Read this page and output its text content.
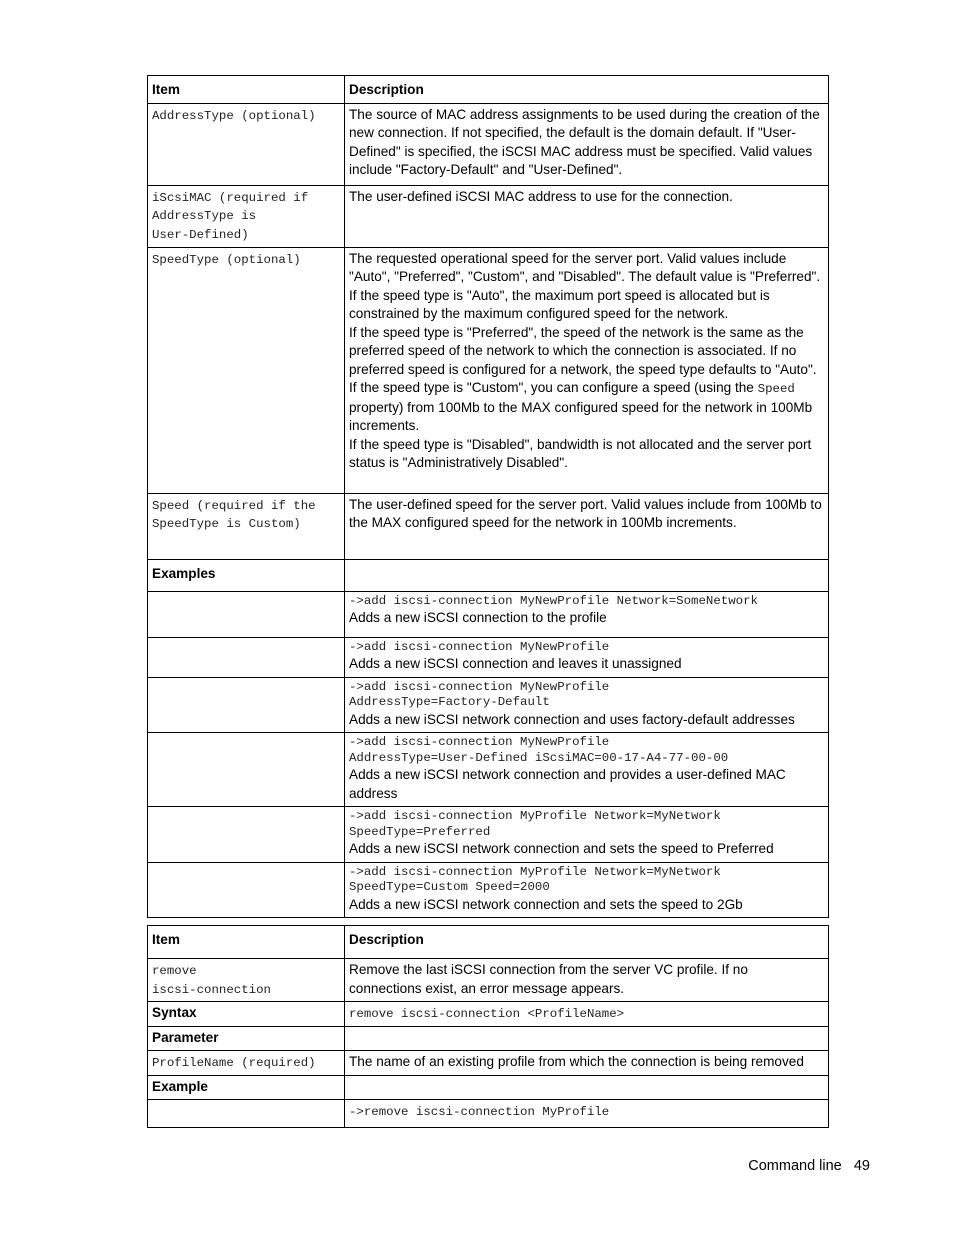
Item	Description
AddressType (optional)	The source of MAC address assignments to be used during the creation of the new connection. If not specified, the default is the domain default. If "User-Defined" is specified, the iSCSI MAC address must be specified. Valid values include "Factory-Default" and "User-Defined".
iScsiMAC (required if
AddressType is
User-Defined)	The user-defined iSCSI MAC address to use for the connection.
SpeedType (optional)	The requested operational speed for the server port. Valid values include "Auto", "Preferred", "Custom", and "Disabled". The default value is "Preferred".
If the speed type is "Auto", the maximum port speed is allocated but is constrained by the maximum configured speed for the network.
If the speed type is "Preferred", the speed of the network is the same as the preferred speed of the network to which the connection is associated. If no preferred speed is configured for a network, the speed type defaults to "Auto".
If the speed type is "Custom", you can configure a speed (using the Speed property) from 100Mb to the MAX configured speed for the network in 100Mb increments.
If the speed type is "Disabled", bandwidth is not allocated and the server port status is "Administratively Disabled".

Speed (required if the
SpeedType is Custom)	The user-defined speed for the server port. Valid values include from 100Mb to the MAX configured speed for the network in 100Mb increments.
Examples	

	->add iscsi-connection MyNewProfile Network=SomeNetwork
Adds a new iSCSI connection to the profile

	->add iscsi-connection MyNewProfile
Adds a new iSCSI connection and leaves it unassigned

	->add iscsi-connection MyNewProfile
AddressType=Factory-Default
Adds a new iSCSI network connection and uses factory-default addresses

	->add iscsi-connection MyNewProfile
AddressType=User-Defined iScsiMAC=00-17-A4-77-00-00
Adds a new iSCSI network connection and provides a user-defined MAC address

	->add iscsi-connection MyProfile Network=MyNetwork
SpeedType=Preferred
Adds a new iSCSI network connection and sets the speed to Preferred

	->add iscsi-connection MyProfile Network=MyNetwork
SpeedType=Custom Speed=2000
Adds a new iSCSI network connection and sets the speed to 2Gb
Item	Description
remove
iscsi-connection	Remove the last iSCSI connection from the server VC profile. If no connections exist, an error message appears.
Syntax	remove iscsi-connection <ProfileName>
Parameter	
ProfileName (required)	The name of an existing profile from which the connection is being removed
Example	
	->remove iscsi-connection MyProfile
Command line 49
